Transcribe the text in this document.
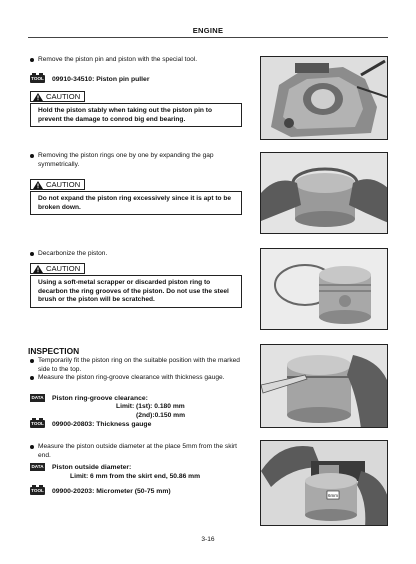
ENGINE
Remove the piston pin and piston with the special tool.
TOOL 09910-34510: Piston pin puller
CAUTION
Hold the piston stably when taking out the piston pin to prevent the damage to conrod big end bearing.
Removing the piston rings one by one by expanding the gap symmetrically.
CAUTION
Do not expand the piston ring excessively since it is apt to be broken down.
Decarbonize the piston.
CAUTION
Using a soft-metal scrapper or discarded piston ring to decarbon the ring grooves of the piston. Do not use the steel brush or the piston will be scratched.
INSPECTION
Temporarily fit the piston ring on the suitable position with the marked side to the top.
Measure the piston ring-groove clearance with thickness gauge.
DATA Piston ring-groove clearance:
Limit: (1st): 0.180 mm
(2nd):0.150 mm
TOOL 09900-20803: Thickness gauge
Measure the piston outside diameter at the place 5mm from the skirt end.
DATA Piston outside diameter:
Limit: 6 mm from the skirt end, 50.86 mm
TOOL 09900-20203: Micrometer (50-75 mm)
6mm
3-16
